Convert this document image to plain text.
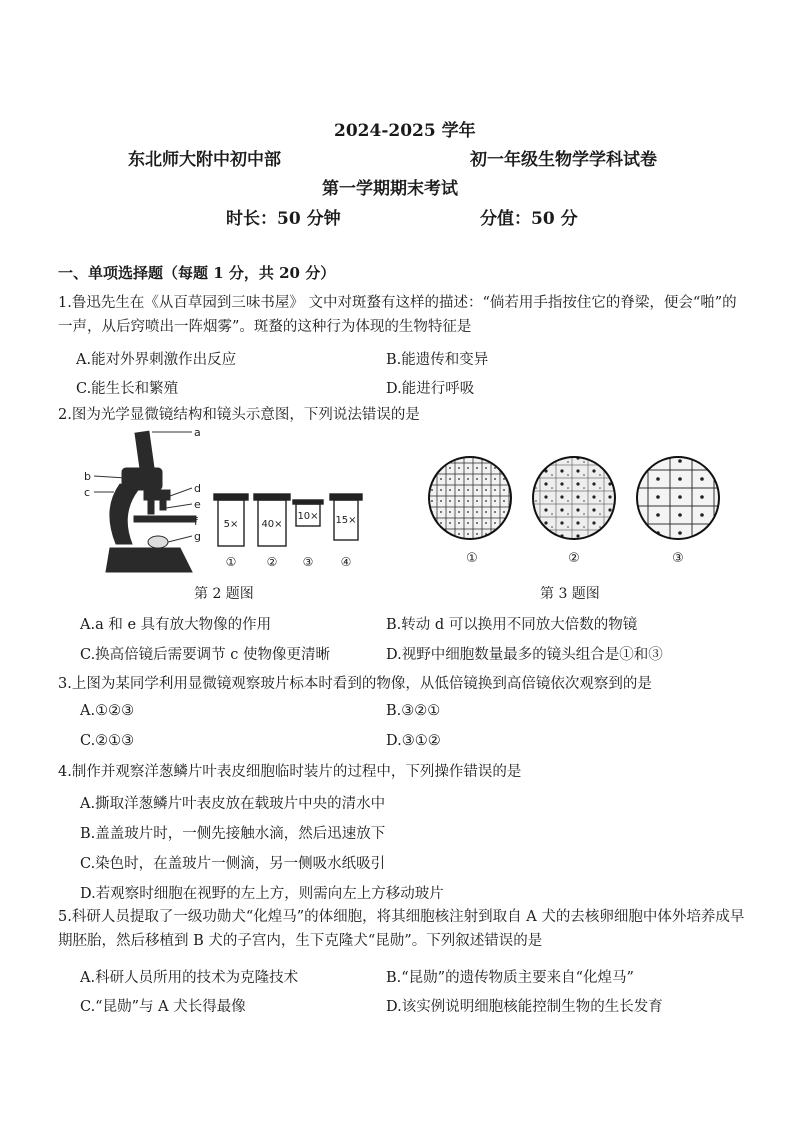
2024-2025 学年
东北师大附中初中部	初一年级生物学学科试卷
第一学期期末考试
时长：50 分钟	分值：50 分
一、单项选择题（每题 1 分，共 20 分）
1.鲁迅先生在《从百草园到三味书屋》 文中对斑蝥有这样的描述：“倘若用手指按住它的脊梁，便会“啪”的一声，从后窍喷出一阵烟雾”。斑蝥的这种行为体现的生物特征是
A.能对外界刺激作出反应	B.能遗传和变异
C.能生长和繁殖	D.能进行呼吸
2.图为光学显微镜结构和镜头示意图，下列说法错误的是
a
b
c	d
e
f
g
5× 40×
10× 15×
①	② ③ ④
第 2 题图
①	②	③
第 3 题图
A.a 和 e 具有放大物像的作用	B.转动 d 可以换用不同放大倍数的物镜
C.换高倍镜后需要调节 c 使物像更清晰	D.视野中细胞数量最多的镜头组合是①和③
3.上图为某同学利用显微镜观察玻片标本时看到的物像，从低倍镜换到高倍镜依次观察到的是
A.①②③	B.③②①
C.②①③	D.③①②
4.制作并观察洋葱鳞片叶表皮细胞临时装片的过程中，下列操作错误的是
A.撕取洋葱鳞片叶表皮放在载玻片中央的清水中
B.盖盖玻片时，一侧先接触水滴，然后迅速放下
C.染色时，在盖玻片一侧滴，另一侧吸水纸吸引
D.若观察时细胞在视野的左上方，则需向左上方移动玻片
5.科研人员提取了一级功勋犬“化煌马”的体细胞，将其细胞核注射到取自 A 犬的去核卵细胞中体外培养成早期胚胎，然后移植到 B 犬的子宫内，生下克隆犬“昆勋”。下列叙述错误的是
A.科研人员所用的技术为克隆技术	B.“昆勋”的遗传物质主要来自“化煌马”
C.“昆勋”与 A 犬长得最像	D.该实例说明细胞核能控制生物的生长发育
